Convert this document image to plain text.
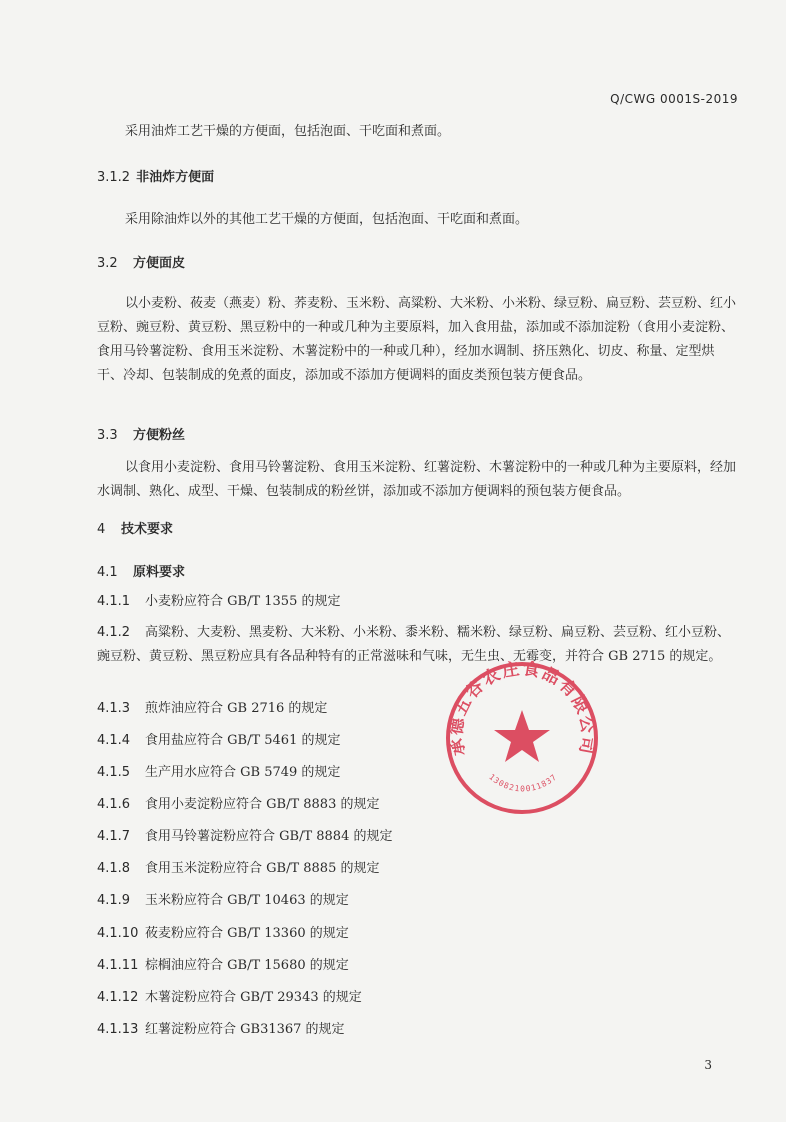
Q/CWG 0001S-2019
采用油炸工艺干燥的方便面，包括泡面、干吃面和煮面。
3.1.2 非油炸方便面
采用除油炸以外的其他工艺干燥的方便面，包括泡面、干吃面和煮面。
3.2 方便面皮
以小麦粉、莜麦（燕麦）粉、荞麦粉、玉米粉、高粱粉、大米粉、小米粉、绿豆粉、扁豆粉、芸豆粉、红小豆粉、豌豆粉、黄豆粉、黑豆粉中的一种或几种为主要原料，加入食用盐，添加或不添加淀粉（食用小麦淀粉、食用马铃薯淀粉、食用玉米淀粉、木薯淀粉中的一种或几种），经加水调制、挤压熟化、切皮、称量、定型烘干、冷却、包装制成的免煮的面皮，添加或不添加方便调料的面皮类预包装方便食品。
3.3 方便粉丝
以食用小麦淀粉、食用马铃薯淀粉、食用玉米淀粉、红薯淀粉、木薯淀粉中的一种或几种为主要原料，经加水调制、熟化、成型、干燥、包装制成的粉丝饼，添加或不添加方便调料的预包装方便食品。
4 技术要求
4.1 原料要求
4.1.1 小麦粉应符合 GB/T 1355 的规定
4.1.2 高粱粉、大麦粉、黑麦粉、大米粉、小米粉、黍米粉、糯米粉、绿豆粉、扁豆粉、芸豆粉、红小豆粉、豌豆粉、黄豆粉、黑豆粉应具有各品种特有的正常滋味和气味，无生虫、无霉变，并符合 GB 2715 的规定。
4.1.3 煎炸油应符合 GB 2716 的规定
4.1.4 食用盐应符合 GB/T 5461 的规定
4.1.5 生产用水应符合 GB 5749 的规定
4.1.6 食用小麦淀粉应符合 GB/T 8883 的规定
4.1.7 食用马铃薯淀粉应符合 GB/T 8884 的规定
4.1.8 食用玉米淀粉应符合 GB/T 8885 的规定
4.1.9 玉米粉应符合 GB/T 10463 的规定
4.1.10 莜麦粉应符合 GB/T 13360 的规定
4.1.11 棕榈油应符合 GB/T 15680 的规定
4.1.12 木薯淀粉应符合 GB/T 29343 的规定
4.1.13 红薯淀粉应符合 GB31367 的规定
承德五谷农庄食品有限公司
1308210011837
3
